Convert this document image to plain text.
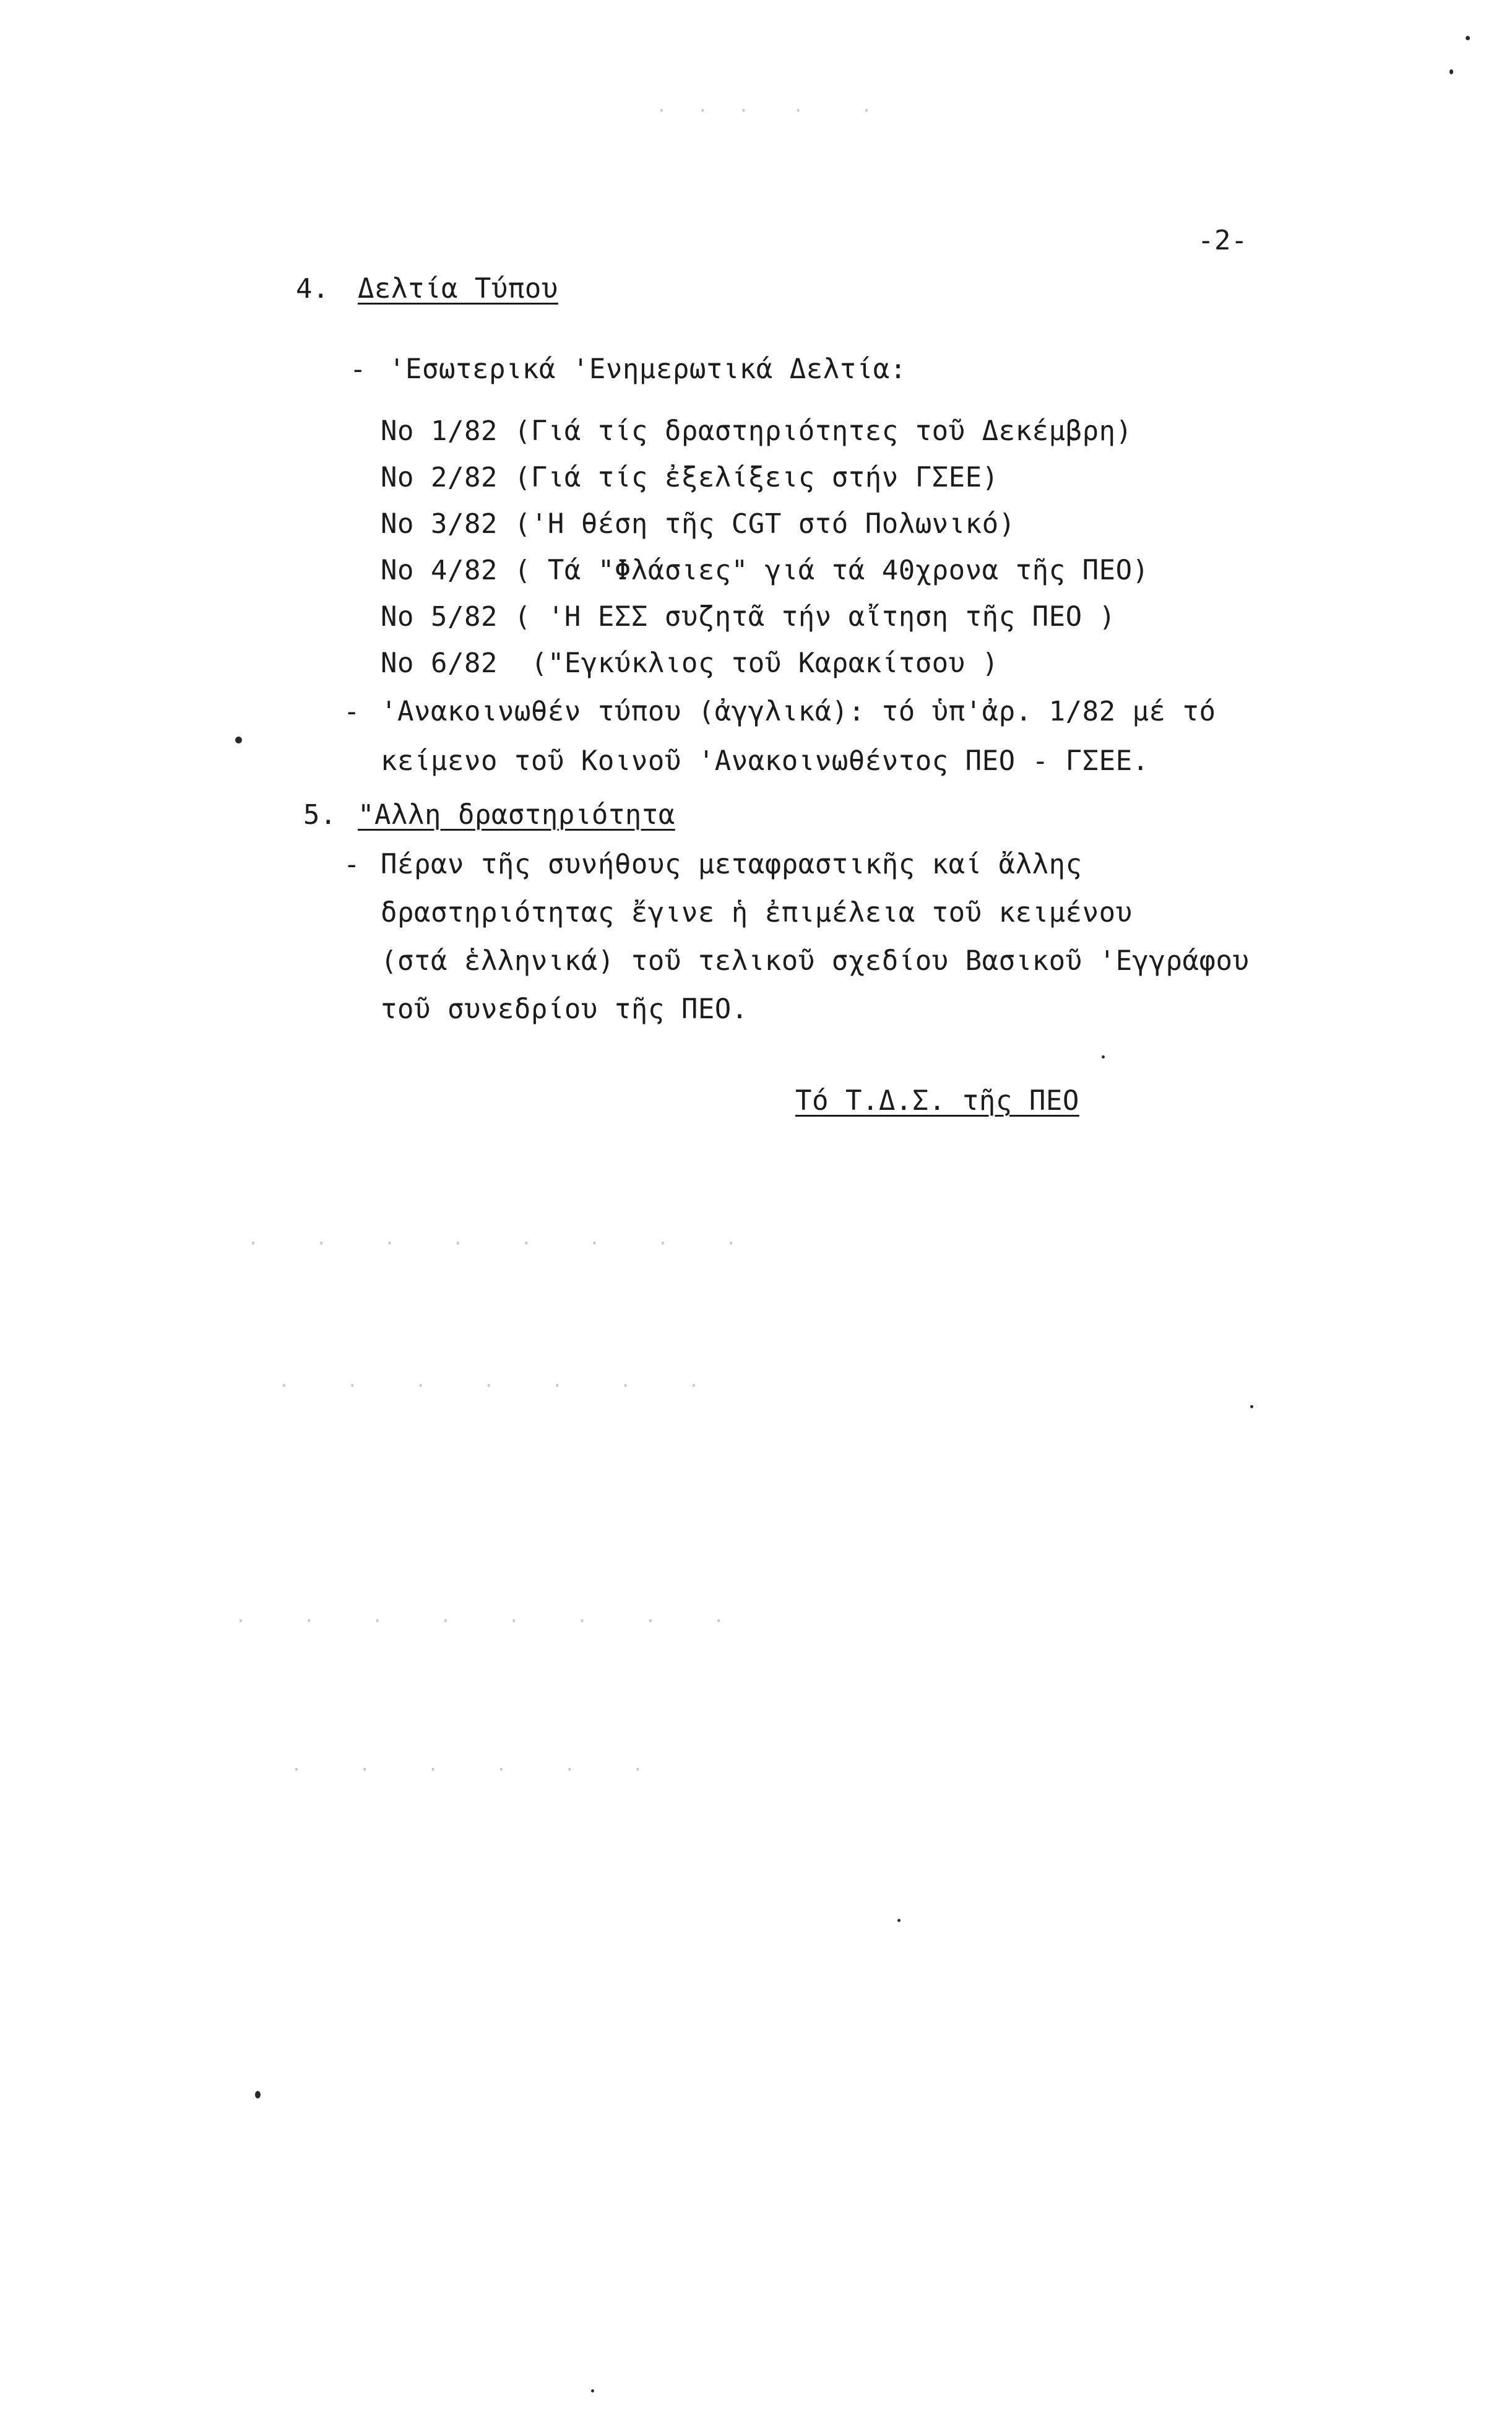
-2-
4. Δελτία Τύπου
- 'Εσωτερικά 'Ενημερωτικά Δελτία:
Νο 1/82 (Γιά τίς δραστηριότητες τοῦ Δεκέμβρη)
Νο 2/82 (Γιά τίς ἐξελίξεις στήν ΓΣΕΕ)
Νο 3/82 ('Η θέση τῆς CGT στό Πολωνικό)
Νο 4/82 ( Τά "Φλάσιες" γιά τά 40χρονα τῆς ΠΕΟ)
Νο 5/82 ( 'Η ΕΣΣ συζητᾶ τήν αἴτηση τῆς ΠΕΟ )
Νο 6/82  ("Εγκύκλιος τοῦ Καρακίτσου )
- 'Ανακοινωθέν τύπου (ἀγγλικά): τό ὑπ'ἀρ. 1/82 μέ τό
κείμενο τοῦ Κοινοῦ 'Ανακοινωθέντος ΠΕΟ - ΓΣΕΕ.
5. "Αλλη δραστηριότητα
- Πέραν τῆς συνήθους μεταφραστικῆς καί ἄλλης
δραστηριότητας ἔγινε ἡ ἐπιμέλεια τοῦ κειμένου
(στά ἑλληνικά) τοῦ τελικοῦ σχεδίου Βασικοῦ 'Εγγράφου
τοῦ συνεδρίου τῆς ΠΕΟ.
Τό Τ.Δ.Σ. τῆς ΠΕΟ
·  ·  ·   ·    ·
·    ·    ·    ·    ·    ·    ·    ·
·    ·    ·    ·    ·    ·    ·
·    ·    ·    ·    ·    ·    ·    ·
·    ·    ·    ·    ·    ·
